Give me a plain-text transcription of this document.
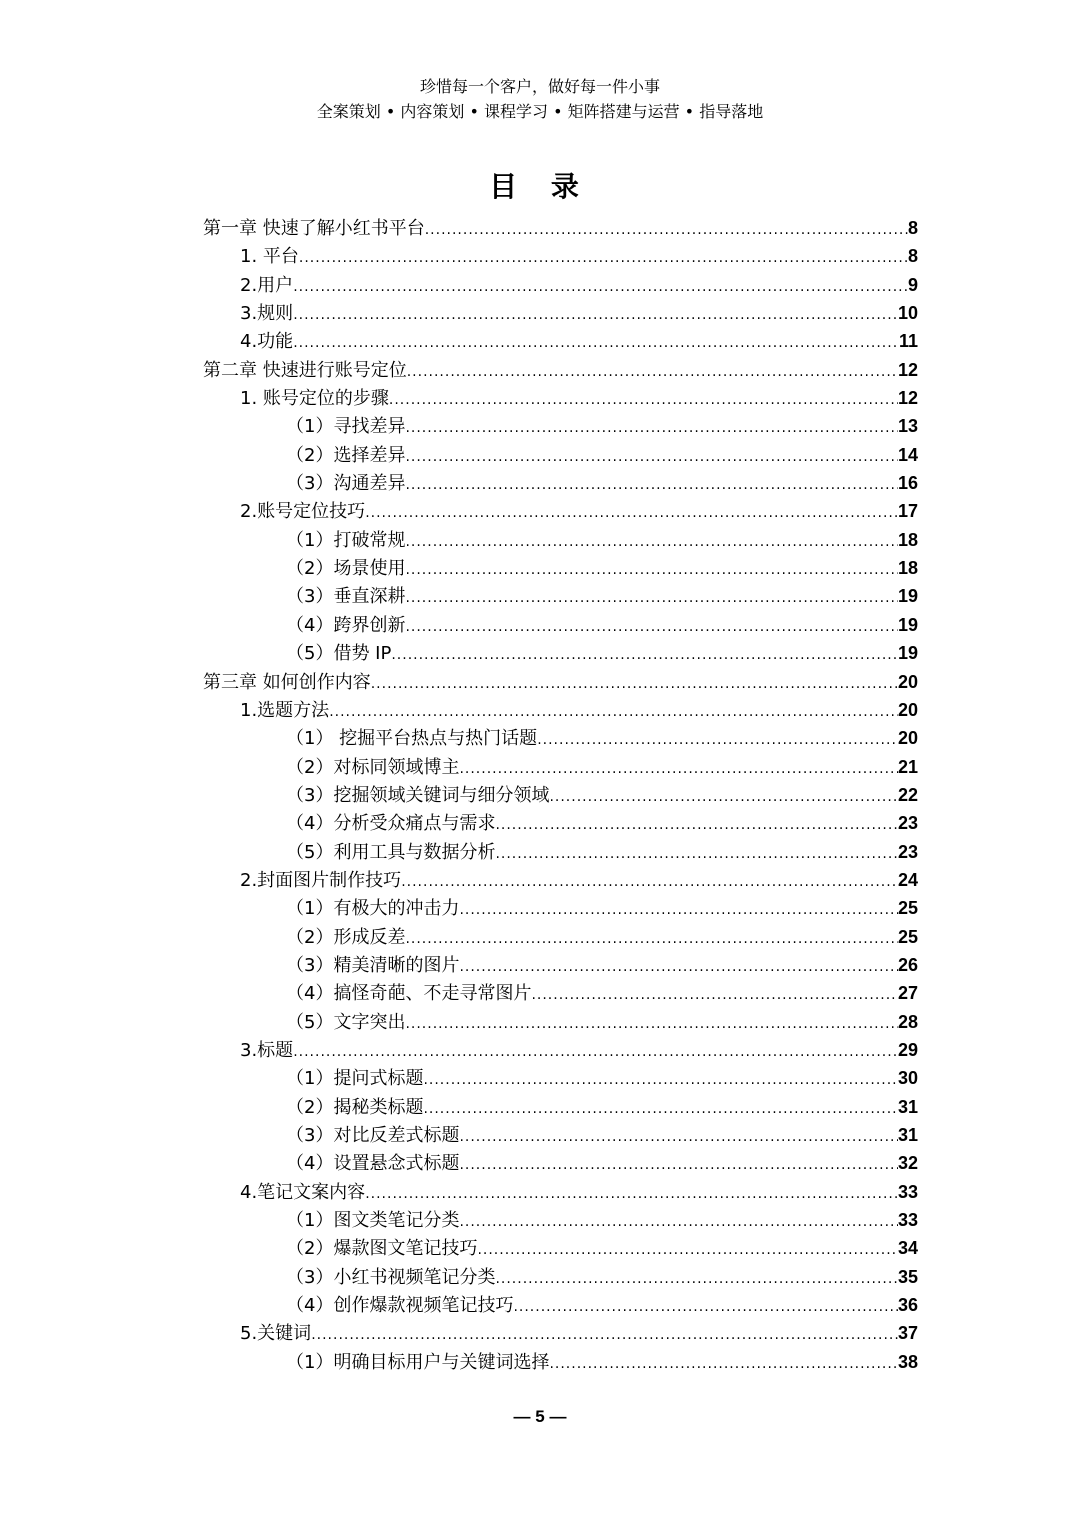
珍惜每一个客户，做好每一件小事
全案策划 • 内容策划 • 课程学习 • 矩阵搭建与运营 • 指导落地
目 录
第一章 快速了解小红书平台 .....	8
1. 平台 .....	8
2.用户 .....	9
3.规则 .....	10
4.功能 .....	11
第二章 快速进行账号定位 .....	12
1. 账号定位的步骤 .....	12
（1）寻找差异 .....	13
（2）选择差异 .....	14
（3）沟通差异 .....	16
2.账号定位技巧 .....	17
（1）打破常规 .....	18
（2）场景使用 .....	18
（3）垂直深耕 .....	19
（4）跨界创新 .....	19
（5）借势 IP .....	19
第三章 如何创作内容 .....	20
1.选题方法 .....	20
（1） 挖掘平台热点与热门话题 .....	20
（2）对标同领域博主 .....	21
（3）挖掘领域关键词与细分领域 .....	22
（4）分析受众痛点与需求 .....	23
（5）利用工具与数据分析 .....	23
2.封面图片制作技巧 .....	24
（1）有极大的冲击力 .....	25
（2）形成反差 .....	25
（3）精美清晰的图片 .....	26
（4）搞怪奇葩、不走寻常图片 .....	27
（5）文字突出 .....	28
3.标题 .....	29
（1）提问式标题 .....	30
（2）揭秘类标题 .....	31
（3）对比反差式标题 .....	31
（4）设置悬念式标题 .....	32
4.笔记文案内容 .....	33
（1）图文类笔记分类 .....	33
（2）爆款图文笔记技巧 .....	34
（3）小红书视频笔记分类 .....	35
（4）创作爆款视频笔记技巧 .....	36
5.关键词 .....	37
（1）明确目标用户与关键词选择 .....	38
— 5 —
